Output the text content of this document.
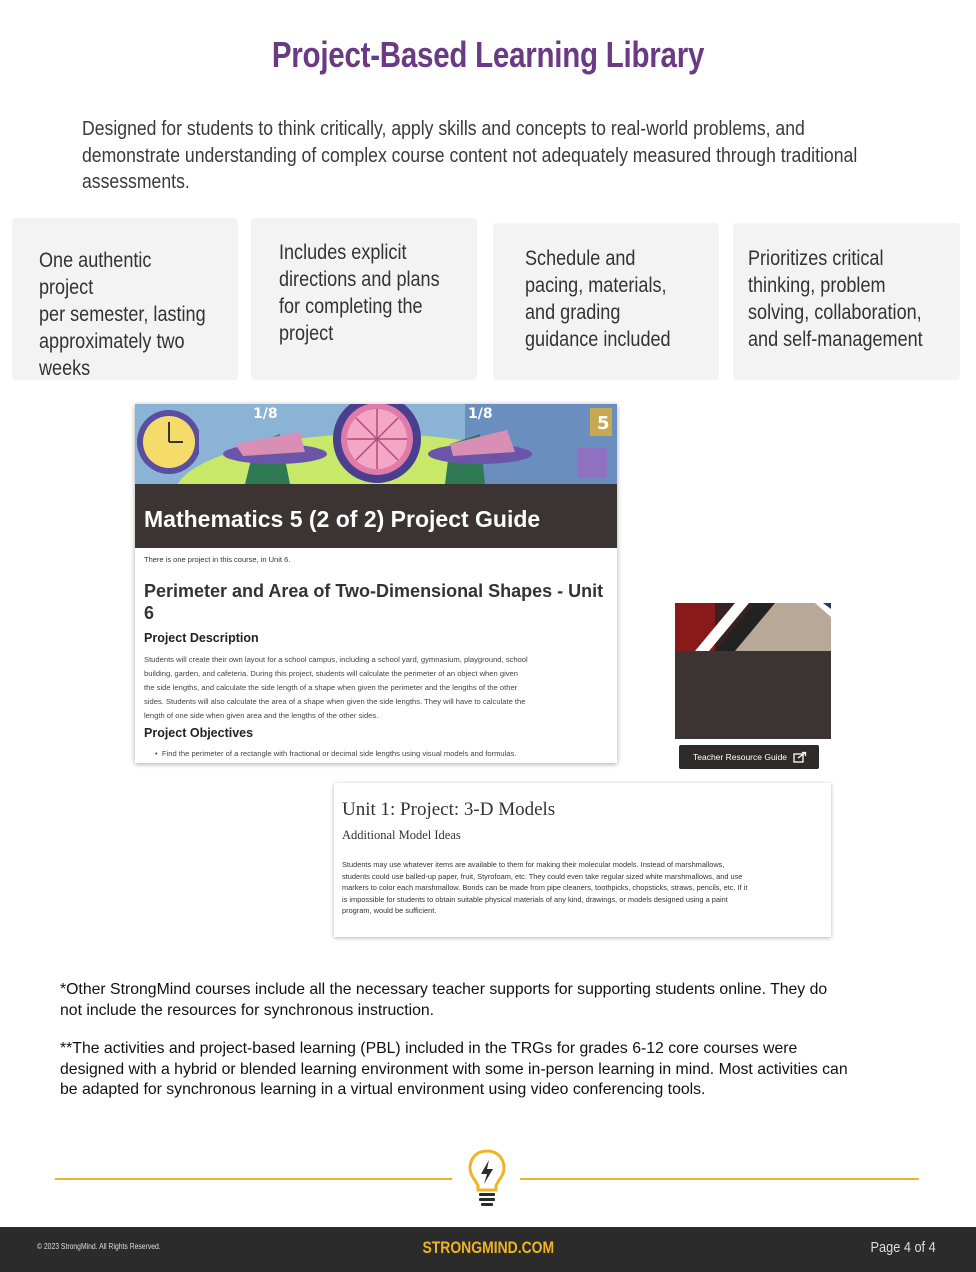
Project-Based Learning Library
Designed for students to think critically, apply skills and concepts to real-world problems, and demonstrate understanding of complex course content not adequately measured through traditional assessments.
One authentic project
per semester, lasting
approximately two
weeks
Includes explicit
directions and plans
for completing the
project
Schedule and
pacing, materials,
and grading
guidance included
Prioritizes critical
thinking, problem
solving, collaboration,
and self-management
1/8	1/8	5
Mathematics 5 (2 of 2) Project Guide
There is one project in this course, in Unit 6.
Perimeter and Area of Two-Dimensional Shapes - Unit 6
Project Description
Students will create their own layout for a school campus, including a school yard, gymnasium, playground, school
building, garden, and cafeteria. During this project, students will calculate the perimeter of an object when given
the side lengths, and calculate the side length of a shape when given the perimeter and the lengths of the other
sides. Students will also calculate the area of a shape when given the side lengths. They will have to calculate the
length of one side when given area and the lengths of the other sides.
Project Objectives
•  Find the perimeter of a rectangle with fractional or decimal side lengths using visual models and formulas.	Teacher Resource Guide
Unit 1: Project: 3-D Models
Additional Model Ideas
Students may use whatever items are available to them for making their molecular models. Instead of marshmallows,
students could use balled-up paper, fruit, Styrofoam, etc. They could even take regular sized white marshmallows, and use
markers to color each marshmallow. Bonds can be made from pipe cleaners, toothpicks, chopsticks, straws, pencils, etc. If it
is impossible for students to obtain suitable physical materials of any kind, drawings, or models designed using a paint
program, would be sufficient.
*Other StrongMind courses include all the necessary teacher supports for supporting students online. They do
not include the resources for synchronous instruction.
**The activities and project-based learning (PBL) included in the TRGs for grades 6-12 core courses were
designed with a hybrid or blended learning environment with some in-person learning in mind. Most activities can
be adapted for synchronous learning in a virtual environment using video conferencing tools.
© 2023 StrongMind. All Rights Reserved.	STRONGMIND.COM	Page 4 of 4
